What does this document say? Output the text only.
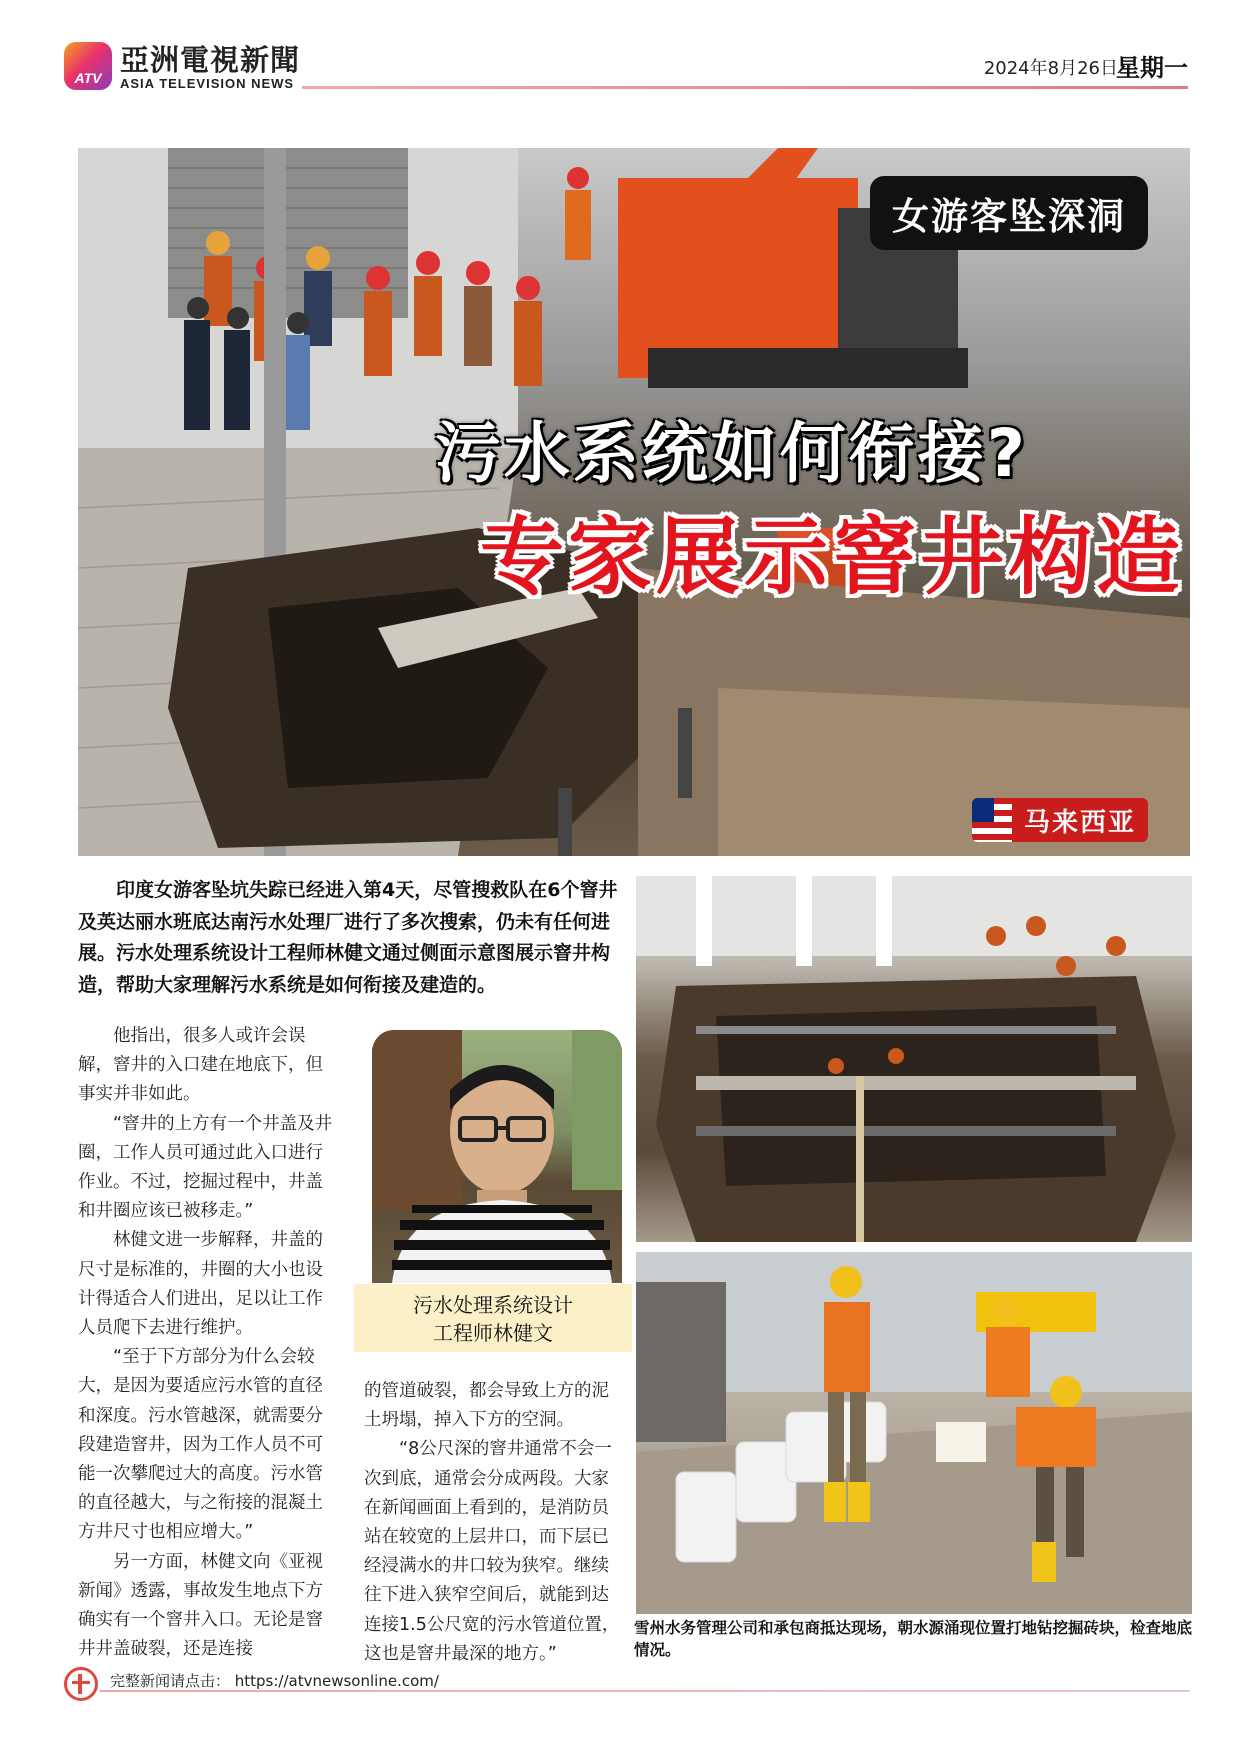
ATV
亞洲電視新聞
ASIA TELEVISION NEWS
2024年8月26日
星期一
女游客坠深洞
污水系统如何衔接?
专家展示窨井构造
马来西亚
印度女游客坠坑失踪已经进入第4天，尽管搜救队在6个窨井及英达丽水班底达南污水处理厂进行了多次搜索，仍未有任何进展。污水处理系统设计工程师林健文通过侧面示意图展示窨井构造，帮助大家理解污水系统是如何衔接及建造的。

他指出，很多人或许会误解，窨井的入口建在地底下，但事实并非如此。

“窨井的上方有一个井盖及井圈，工作人员可通过此入口进行作业。不过，挖掘过程中，井盖和井圈应该已被移走。”

林健文进一步解释，井盖的尺寸是标准的，井圈的大小也设计得适合人们进出，足以让工作人员爬下去进行维护。

“至于下方部分为什么会较大，是因为要适应污水管的直径和深度。污水管越深，就需要分段建造窨井，因为工作人员不可能一次攀爬过大的高度。污水管的直径越大，与之衔接的混凝土方井尺寸也相应增大。”

另一方面，林健文向《亚视新闻》透露，事故发生地点下方确实有一个窨井入口。无论是窨井井盖破裂，还是连接

污水处理系统设计
工程师林健文

的管道破裂，都会导致上方的泥土坍塌，掉入下方的空洞。

“8公尺深的窨井通常不会一次到底，通常会分成两段。大家在新闻画面上看到的，是消防员站在较宽的上层井口，而下层已经浸满水的井口较为狭窄。继续往下进入狭窄空间后，就能到达连接1.5公尺宽的污水管道位置，这也是窨井最深的地方。”

雪州水务管理公司和承包商抵达现场，朝水源涌现位置打地钻挖掘砖块，检查地底情况。
完整新闻请点击： https://atvnewsonline.com/
